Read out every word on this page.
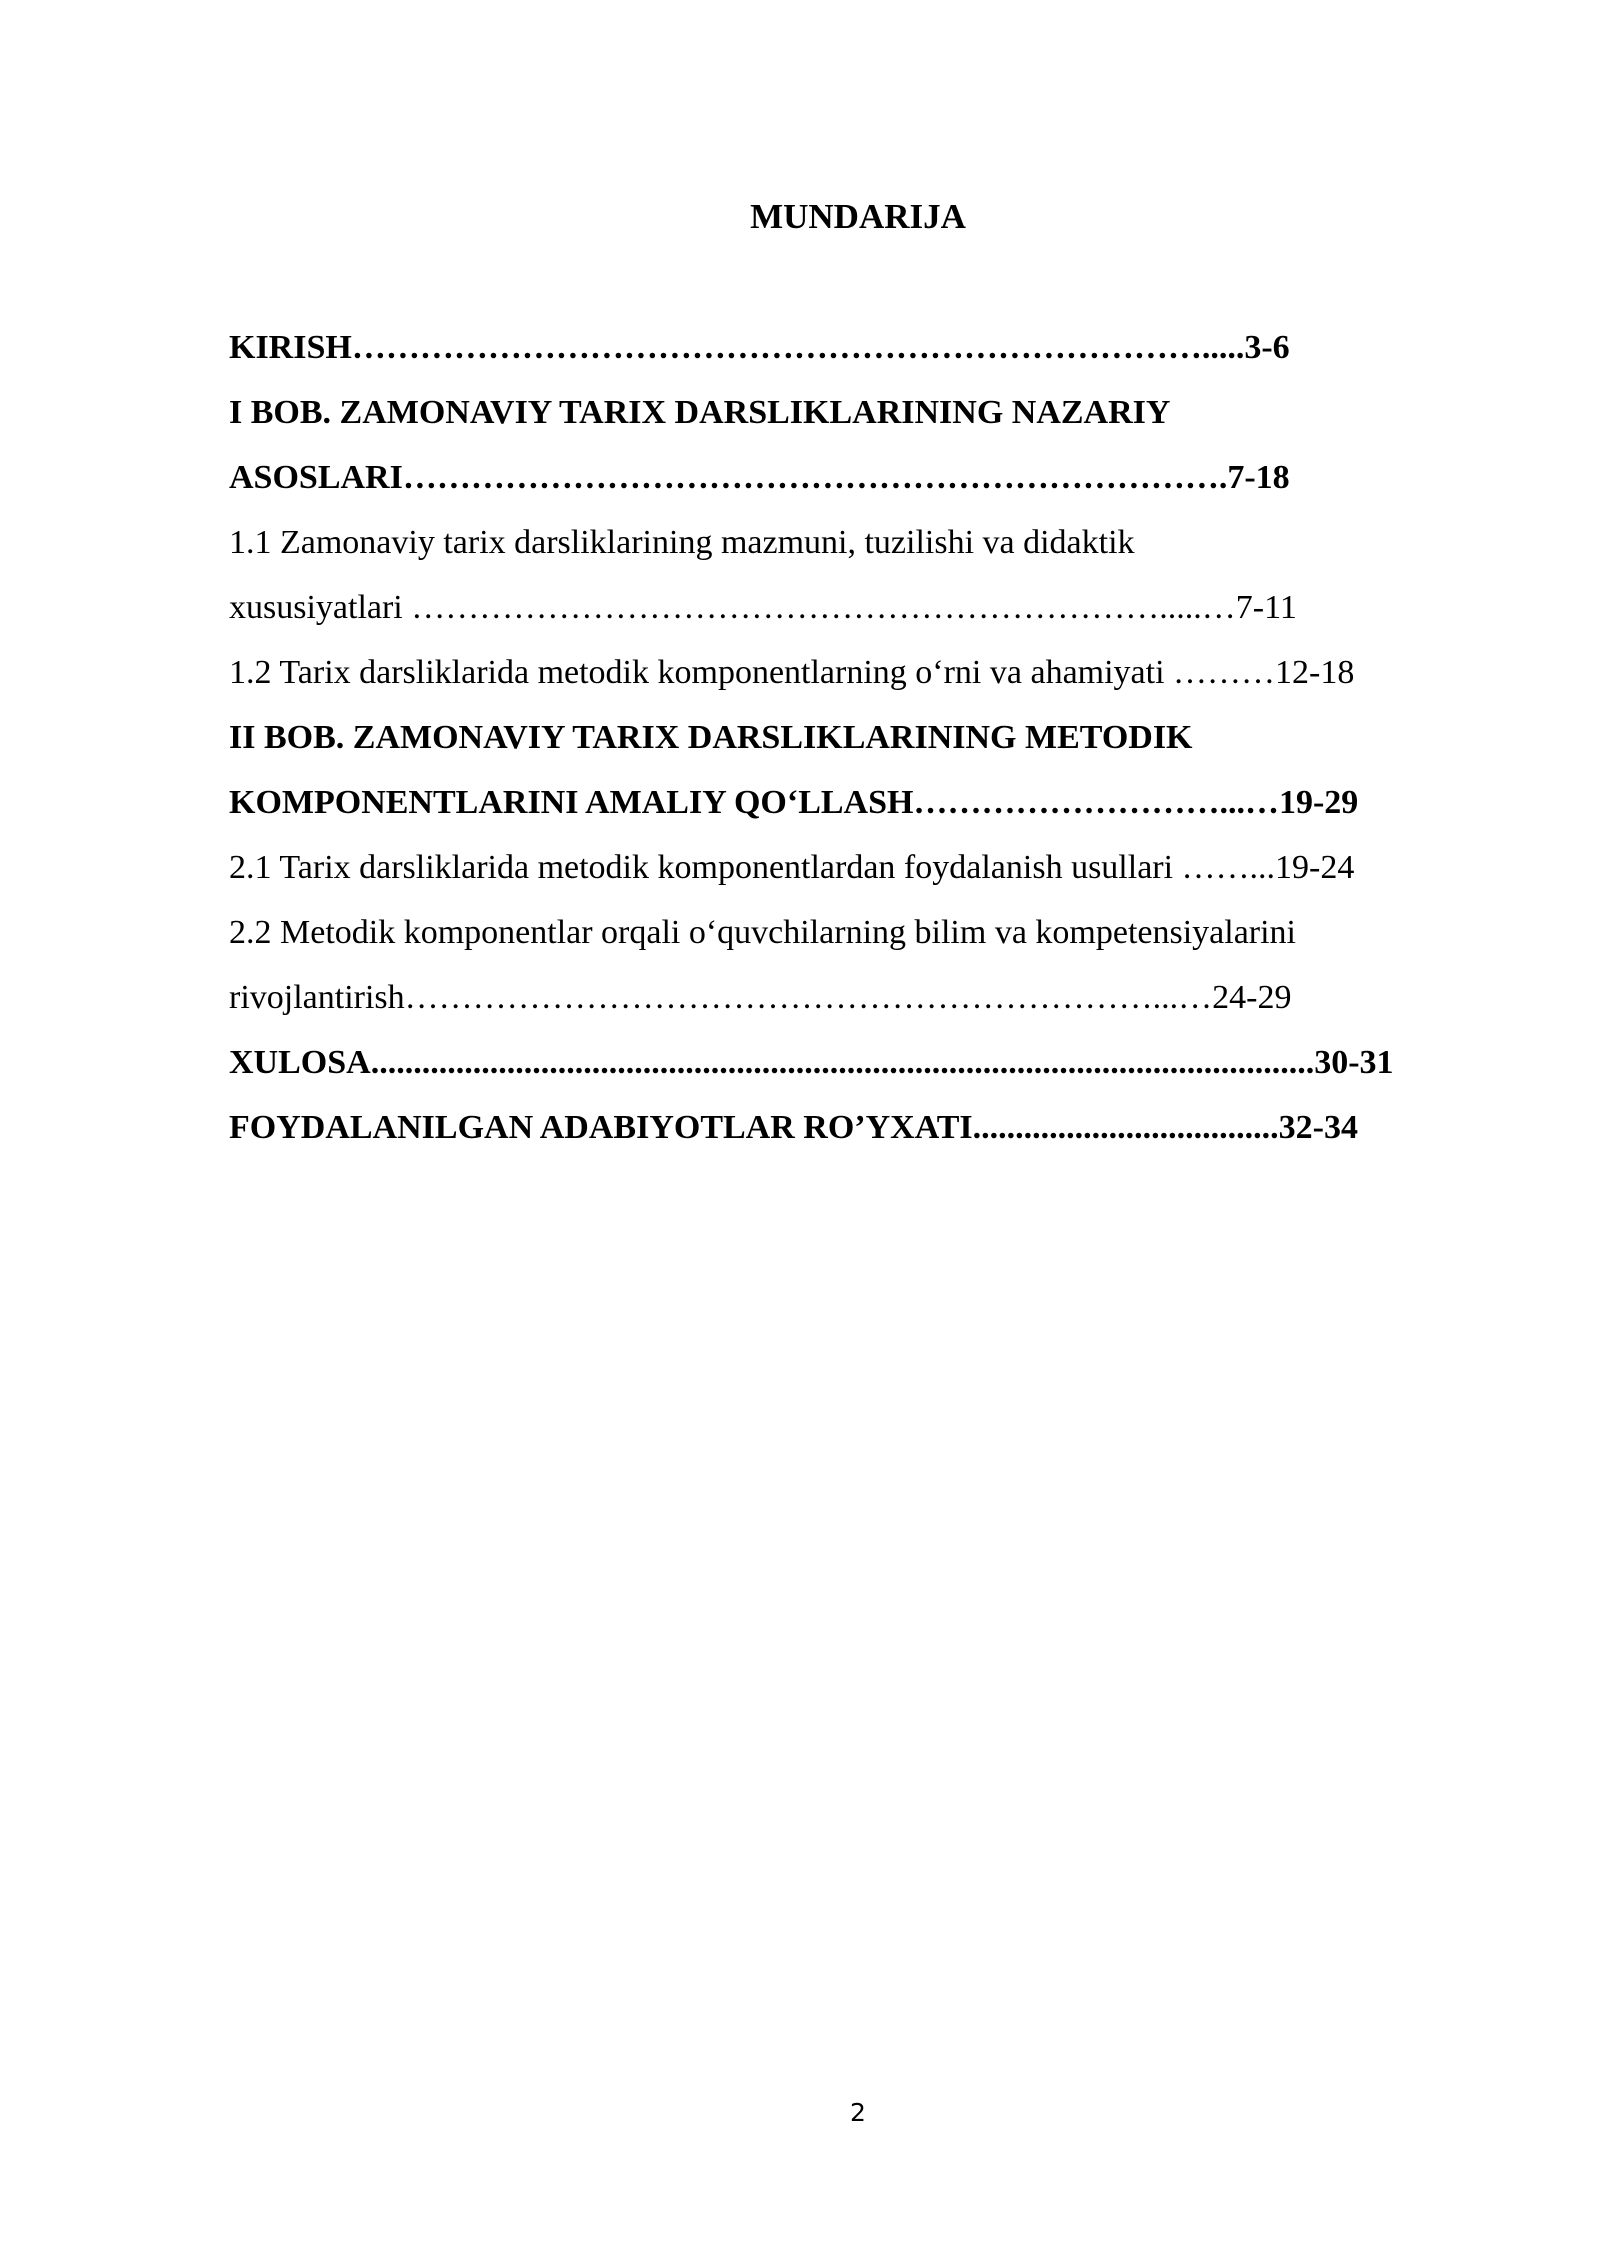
MUNDARIJA
KIRISH………………………………………………………………….....3-6
I BOB. ZAMONAVIY TARIX DARSLIKLARINING NAZARIY
ASOSLARI……………………………………………………………….7-18
1.1 Zamonaviy tarix darsliklarining mazmuni, tuzilishi va didaktik
xususiyatlari ………………………………………………………….....…7-11
1.2 Tarix darsliklarida metodik komponentlarning o‘rni va ahamiyati ………12-18
II BOB. ZAMONAVIY TARIX DARSLIKLARINING METODIK
KOMPONENTLARINI AMALIY QO‘LLASH………………………...…19-29
2.1 Tarix darsliklarida metodik komponentlardan foydalanish usullari ……...19-24
2.2 Metodik komponentlar orqali o‘quvchilarning bilim va kompetensiyalarini
rivojlantirish…………………………………………………………...…24-29
XULOSA...............................................................................................................30-31
FOYDALANILGAN ADABIYOTLAR RO’YXATI....................................32-34
2
